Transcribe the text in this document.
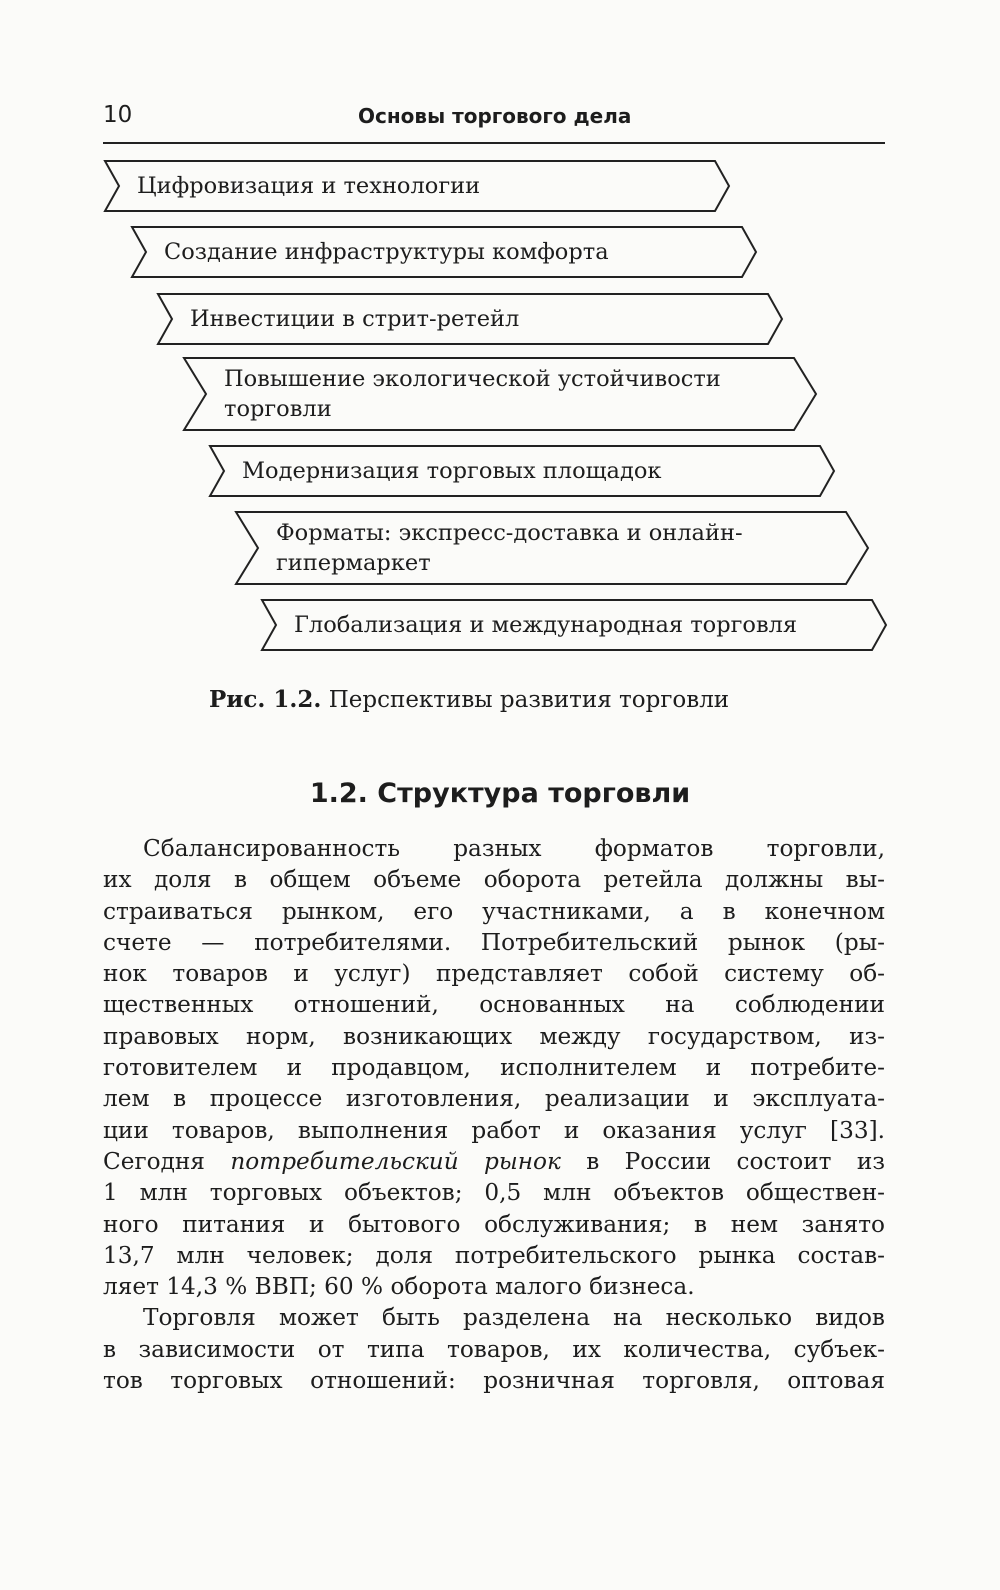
10	Основы торгового дела
Цифровизация и технологии
Создание инфраструктуры комфорта
Инвестиции в стрит-ретейл
Повышение экологической устойчивости
торговли
Модернизация торговых площадок
Форматы: экспресс-доставка и онлайн-
гипермаркет
Глобализация и международная торговля
Рис. 1.2. Перспективы развития торговли
1.2. Структура торговли
Сбалансированность разных форматов торговли,
их доля в общем объеме оборота ретейла должны вы-
страиваться рынком, его участниками, а в конечном
счете — потребителями. Потребительский рынок (ры-
нок товаров и услуг) представляет собой систему об-
щественных отношений, основанных на соблюдении
правовых норм, возникающих между государством, из-
готовителем и продавцом, исполнителем и потребите-
лем в процессе изготовления, реализации и эксплуата-
ции товаров, выполнения работ и оказания услуг [33].
Сегодня потребительский рынок в России состоит из
1 млн торговых объектов; 0,5 млн объектов обществен-
ного питания и бытового обслуживания; в нем занято
13,7 млн человек; доля потребительского рынка состав-
ляет 14,3 % ВВП; 60 % оборота малого бизнеса.
Торговля может быть разделена на несколько видов
в зависимости от типа товаров, их количества, субъек-
тов торговых отношений: розничная торговля, оптовая
